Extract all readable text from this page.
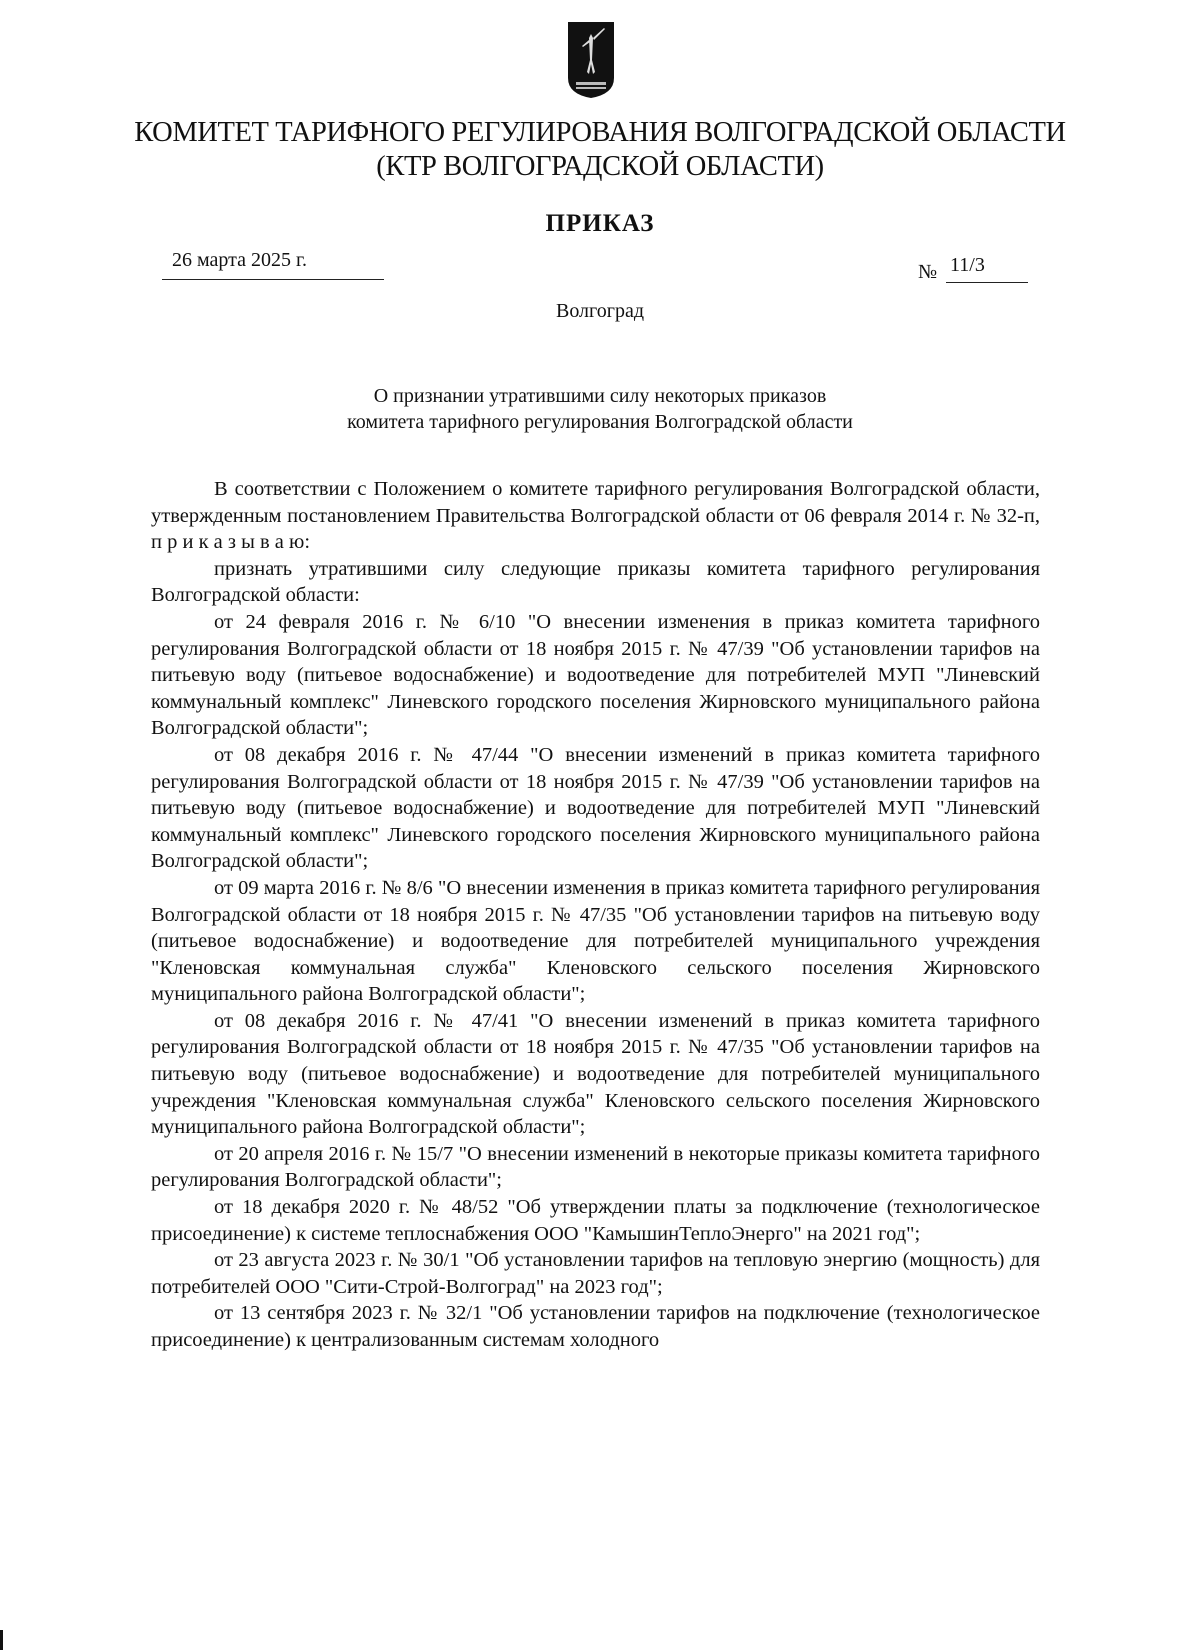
КОМИТЕТ ТАРИФНОГО РЕГУЛИРОВАНИЯ ВОЛГОГРАДСКОЙ ОБЛАСТИ
(КТР ВОЛГОГРАДСКОЙ ОБЛАСТИ)
ПРИКАЗ
26 марта 2025 г.
№ 11/3
Волгоград
О признании утратившими силу некоторых приказов
комитета тарифного регулирования Волгоградской области

В соответствии с Положением о комитете тарифного регулирования Волгоградской области, утвержденным постановлением Правительства Волгоградской области от 06 февраля 2014 г. № 32-п, п р и к а з ы в а ю:

признать утратившими силу следующие приказы комитета тарифного регулирования Волгоградской области:

от 24 февраля 2016 г. № 6/10 "О внесении изменения в приказ комитета тарифного регулирования Волгоградской области от 18 ноября 2015 г. № 47/39 "Об установлении тарифов на питьевую воду (питьевое водоснабжение) и водоотведение для потребителей МУП "Линевский коммунальный комплекс" Линевского городского поселения Жирновского муниципального района Волгоградской области";

от 08 декабря 2016 г. № 47/44 "О внесении изменений в приказ комитета тарифного регулирования Волгоградской области от 18 ноября 2015 г. № 47/39 "Об установлении тарифов на питьевую воду (питьевое водоснабжение) и водоотведение для потребителей МУП "Линевский коммунальный комплекс" Линевского городского поселения Жирновского муниципального района Волгоградской области";

от 09 марта 2016 г. № 8/6 "О внесении изменения в приказ комитета тарифного регулирования Волгоградской области от 18 ноября 2015 г. № 47/35 "Об установлении тарифов на питьевую воду (питьевое водоснабжение) и водоотведение для потребителей муниципального учреждения "Кленовская коммунальная служба" Кленовского сельского поселения Жирновского муниципального района Волгоградской области";

от 08 декабря 2016 г. № 47/41 "О внесении изменений в приказ комитета тарифного регулирования Волгоградской области от 18 ноября 2015 г. № 47/35 "Об установлении тарифов на питьевую воду (питьевое водоснабжение) и водоотведение для потребителей муниципального учреждения "Кленовская коммунальная служба" Кленовского сельского поселения Жирновского муниципального района Волгоградской области";

от 20 апреля 2016 г. № 15/7 "О внесении изменений в некоторые приказы комитета тарифного регулирования Волгоградской области";

от 18 декабря 2020 г. № 48/52 "Об утверждении платы за подключение (технологическое присоединение) к системе теплоснабжения ООО "КамышинТеплоЭнерго" на 2021 год";

от 23 августа 2023 г. № 30/1 "Об установлении тарифов на тепловую энергию (мощность) для потребителей ООО "Сити-Строй-Волгоград" на 2023 год";

от 13 сентября 2023 г. № 32/1 "Об установлении тарифов на подключение (технологическое присоединение) к централизованным системам холодного
